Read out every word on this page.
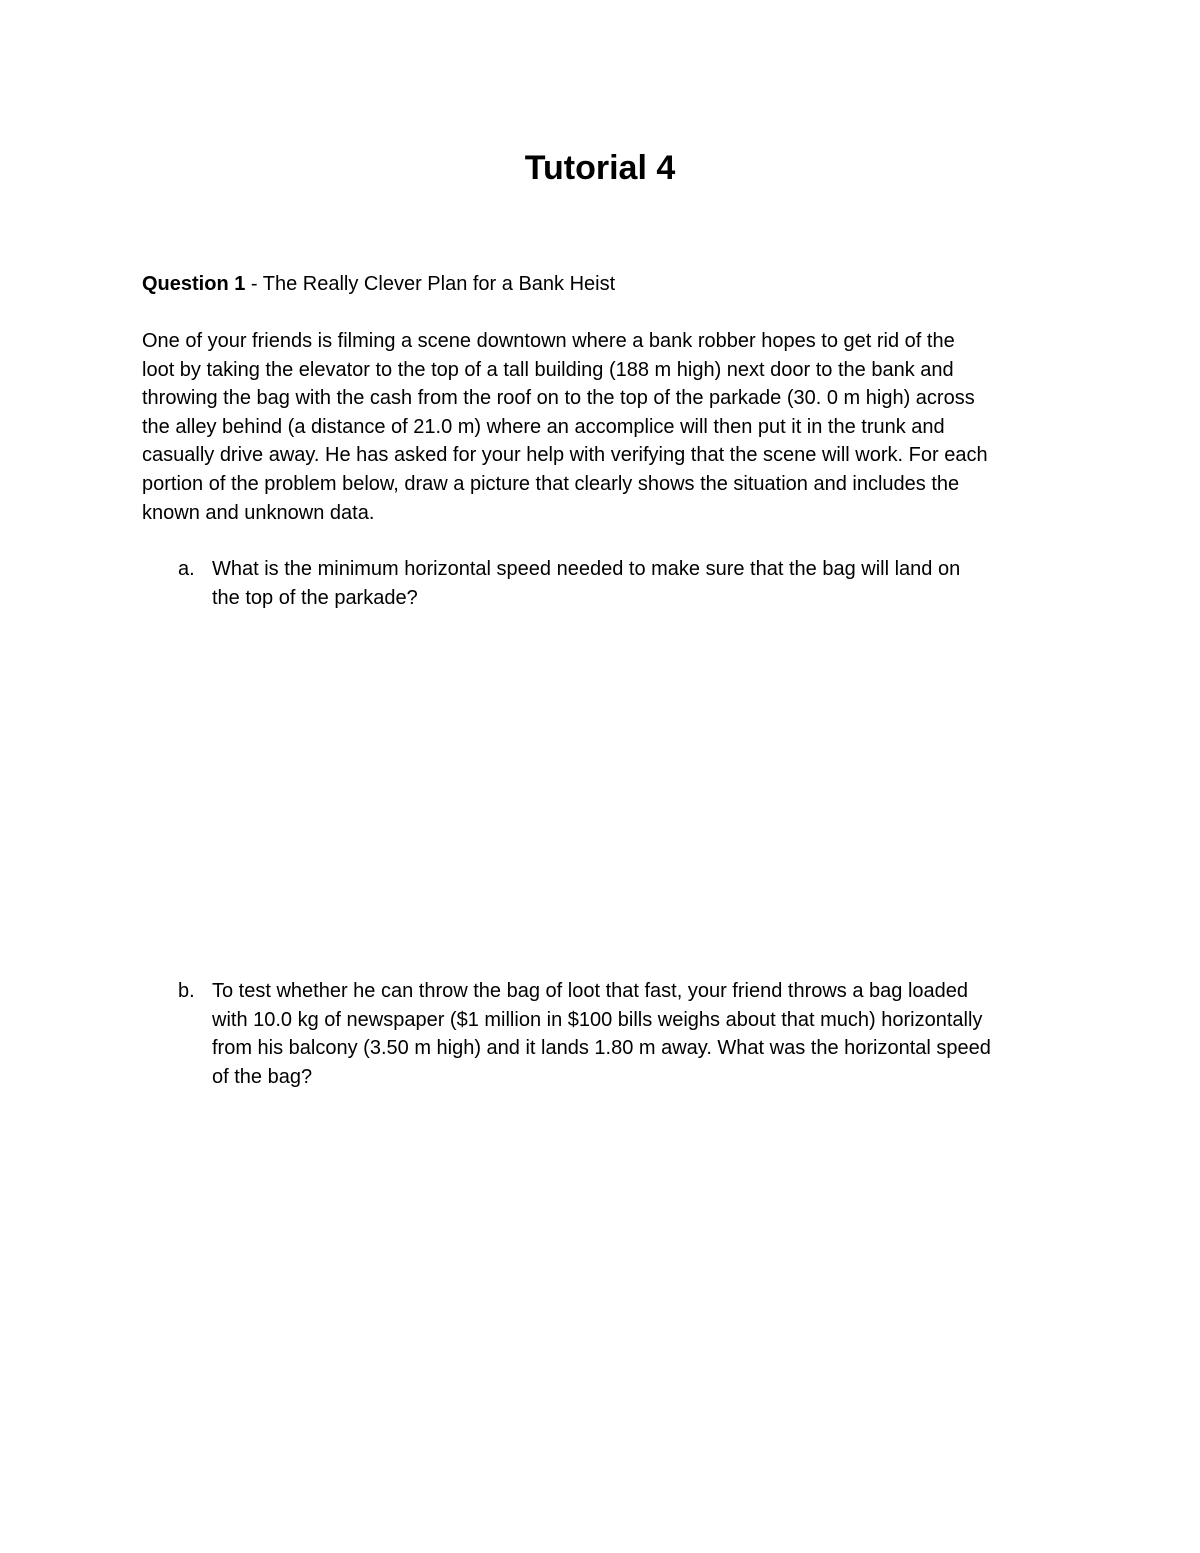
Tutorial 4

Question 1 - The Really Clever Plan for a Bank Heist

One of your friends is filming a scene downtown where a bank robber hopes to get rid of the
loot by taking the elevator to the top of a tall building (188 m high) next door to the bank and
throwing the bag with the cash from the roof on to the top of the parkade (30. 0 m high) across
the alley behind (a distance of 21.0 m) where an accomplice will then put it in the trunk and
casually drive away. He has asked for your help with verifying that the scene will work. For each
portion of the problem below, draw a picture that clearly shows the situation and includes the
known and unknown data.

a. What is the minimum horizontal speed needed to make sure that the bag will land on
the top of the parkade?
b. To test whether he can throw the bag of loot that fast, your friend throws a bag loaded
with 10.0 kg of newspaper ($1 million in $100 bills weighs about that much) horizontally
from his balcony (3.50 m high) and it lands 1.80 m away. What was the horizontal speed
of the bag?
